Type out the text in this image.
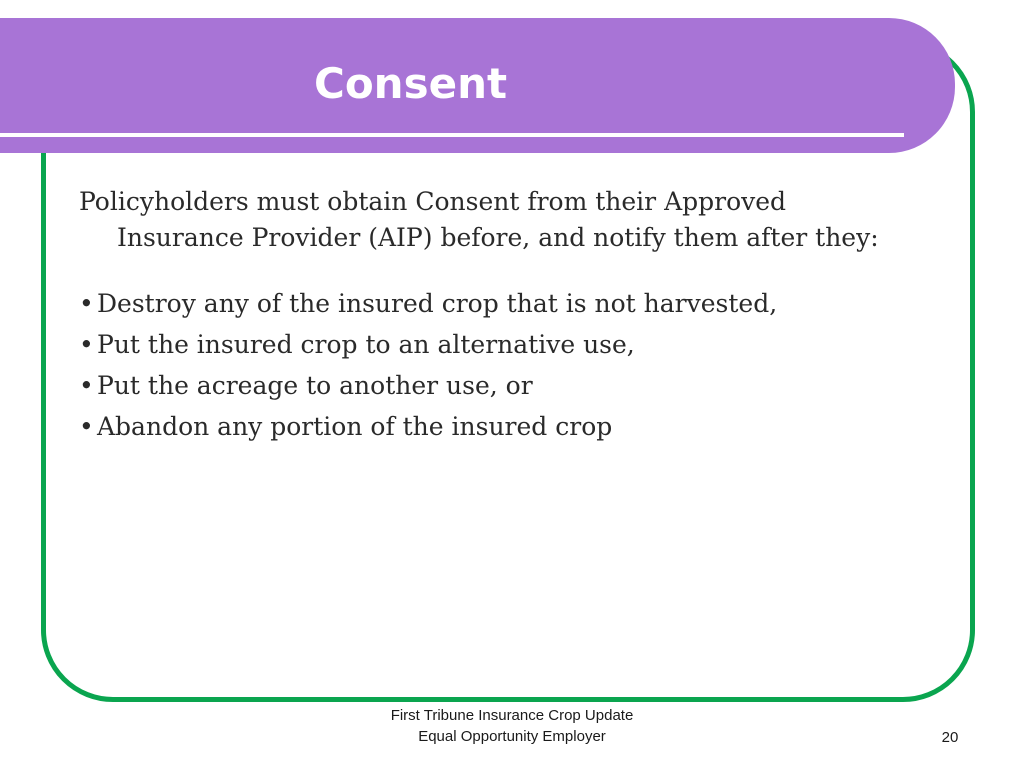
Consent

Policyholders must obtain Consent from their Approved Insurance Provider (AIP) before, and notify them after they:

• Destroy any of the insured crop that is not harvested,
• Put the insured crop to an alternative use,
• Put the acreage to another use, or
• Abandon any portion of the insured crop
First Tribune Insurance Crop Update
Equal Opportunity Employer	20
